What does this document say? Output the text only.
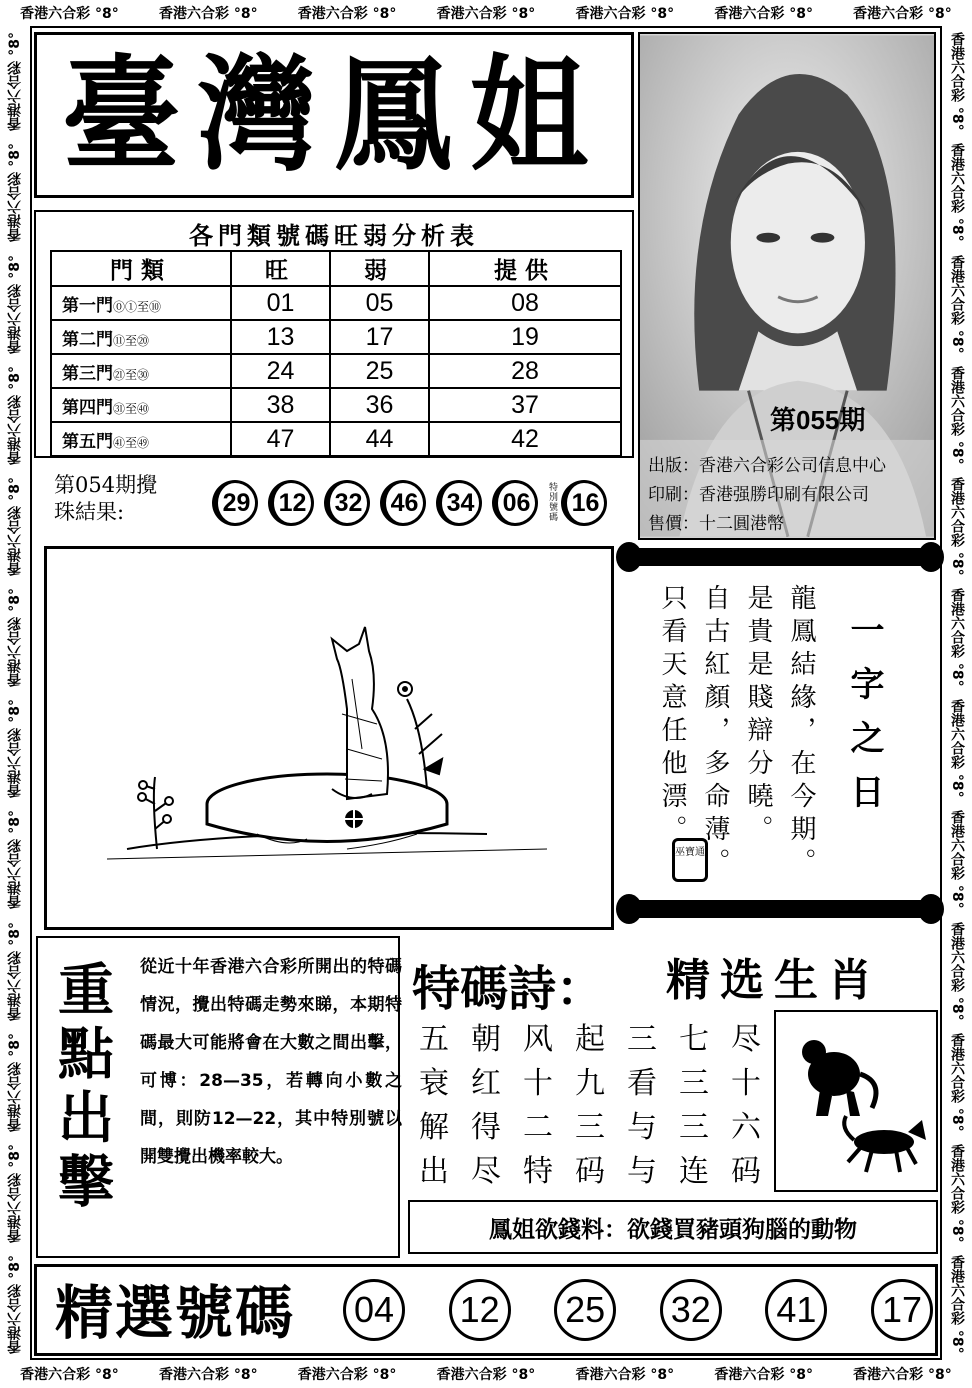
香港六合彩 °8°	香港六合彩 °8°	香港六合彩 °8°	香港六合彩 °8°	香港六合彩 °8°	香港六合彩 °8°	香港六合彩 °8°
香港六合彩 °8°	香港六合彩 °8°	香港六合彩 °8°	香港六合彩 °8°	香港六合彩 °8°	香港六合彩 °8°	香港六合彩 °8°
香港六合彩 °8°
香港六合彩 °8°
香港六合彩 °8°
香港六合彩 °8°
香港六合彩 °8°
香港六合彩 °8°
香港六合彩 °8°
香港六合彩 °8°
香港六合彩 °8°
香港六合彩 °8°
香港六合彩 °8°
香港六合彩 °8°
香港六合彩 °8°
香港六合彩 °8°
香港六合彩 °8°
香港六合彩 °8°
香港六合彩 °8°
香港六合彩 °8°
香港六合彩 °8°
香港六合彩 °8°
香港六合彩 °8°
香港六合彩 °8°
香港六合彩 °8°
香港六合彩 °8°
臺灣鳳姐
第055期
出版：香港六合彩公司信息中心
印刷：香港强勝印刷有限公司
售價：十二圓港幣
各門類號碼旺弱分析表
門類	旺	弱	提供
第一門⓪①至⑩	01	05	08
第二門⑪至⑳	13	17	19
第三門㉑至㉚	24	25	28
第四門㉛至㊵	38	36	37
第五門㊶至㊾	47	44	42
第054期攪
珠結果:	29	12	32	46	34	06
特別號碼
16
一字之日
龍鳳結緣，在今期。
是貴是賤辯分曉。
自古紅顏，多命薄。
只看天意任他漂。
巫寶通
重點出擊 從近十年香港六合彩所開出的特碼情況，攪出特碼走勢來睇，本期特碼最大可能將會在大數之間出擊，可博：28—35，若轉向小數之間，則防12—22，其中特別號以開雙攪出機率較大。
特碼詩： 精选生肖
五 朝 风 起 三 七 尽
衰 红 十 九 看 三 十
解 得 二 三 与 三 六
出 尽 特 码 与 连 码
鳳姐欲錢料：欲錢買豬頭狗腦的動物
精選號碼	04	12	25	32	41	17
